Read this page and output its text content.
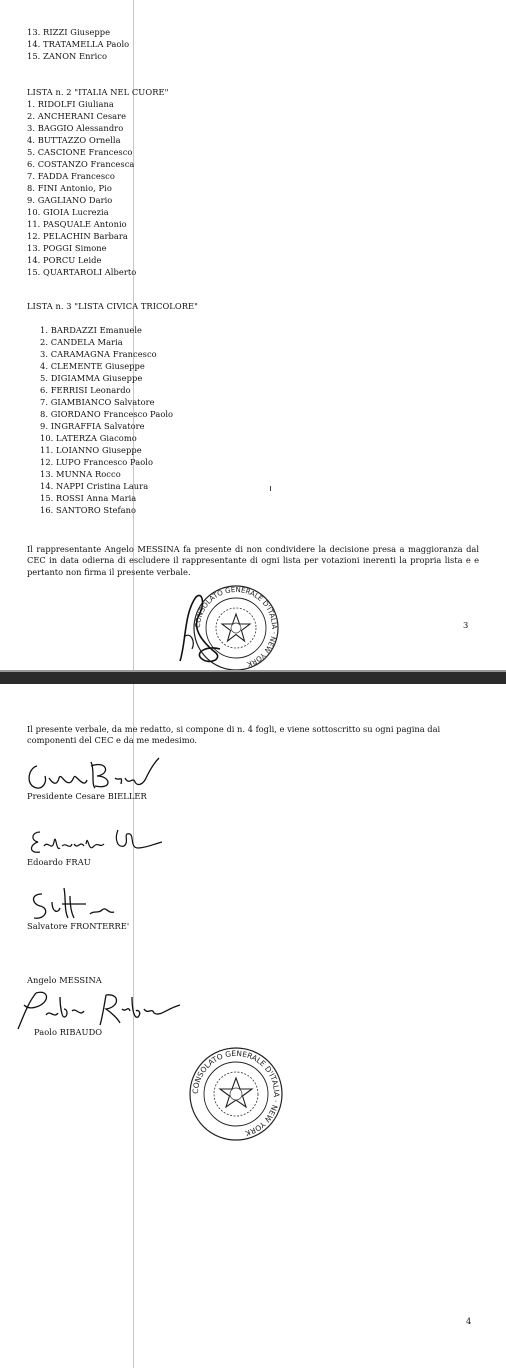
13. RIZZI Giuseppe
14. TRATAMELLA Paolo
15. ZANON Enrico
LISTA n. 2 "ITALIA NEL CUORE"
1. RIDOLFI Giuliana
2. ANCHERANI Cesare
3. BAGGIO Alessandro
4. BUTTAZZO Ornella
5. CASCIONE Francesco
6. COSTANZO Francesca
7. FADDA Francesco
8. FINI Antonio, Pio
9. GAGLIANO Dario
10. GIOIA Lucrezia
11. PASQUALE Antonio
12. PELACHIN Barbara
13. POGGI Simone
14. PORCU Leide
15. QUARTAROLI Alberto
LISTA n. 3 "LISTA CIVICA TRICOLORE"
1. BARDAZZI Emanuele
2. CANDELA Maria
3. CARAMAGNA Francesco
4. CLEMENTE Giuseppe
5. DIGIAMMA Giuseppe
6. FERRISI Leonardo
7. GIAMBIANCO Salvatore
8. GIORDANO Francesco Paolo
9. INGRAFFIA Salvatore
10. LATERZA Giacomo
11. LOIANNO Giuseppe
12. LUPO Francesco Paolo
13. MUNNA Rocco
14. NAPPI Cristina Laura
15. ROSSI Anna Maria
16. SANTORO Stefano
Il rappresentante Angelo MESSINA fa presente di non condividere la decisione presa a maggioranza dal CEC in data odierna di escludere il rappresentante di ogni lista per votazioni inerenti la propria lista e e pertanto non firma il presente verbale.
CONSOLATO GENERALE D'ITALIA · NEW YORK
3
Il presente verbale, da me redatto, si compone di n. 4 fogli, e viene sottoscritto su ogni pagina dai componenti del CEC e da me medesimo.
Presidente Cesare BIELLER
Edoardo FRAU
Salvatore FRONTERRE'
Angelo MESSINA
Paolo RIBAUDO
CONSOLATO GENERALE D'ITALIA · NEW YORK
4
